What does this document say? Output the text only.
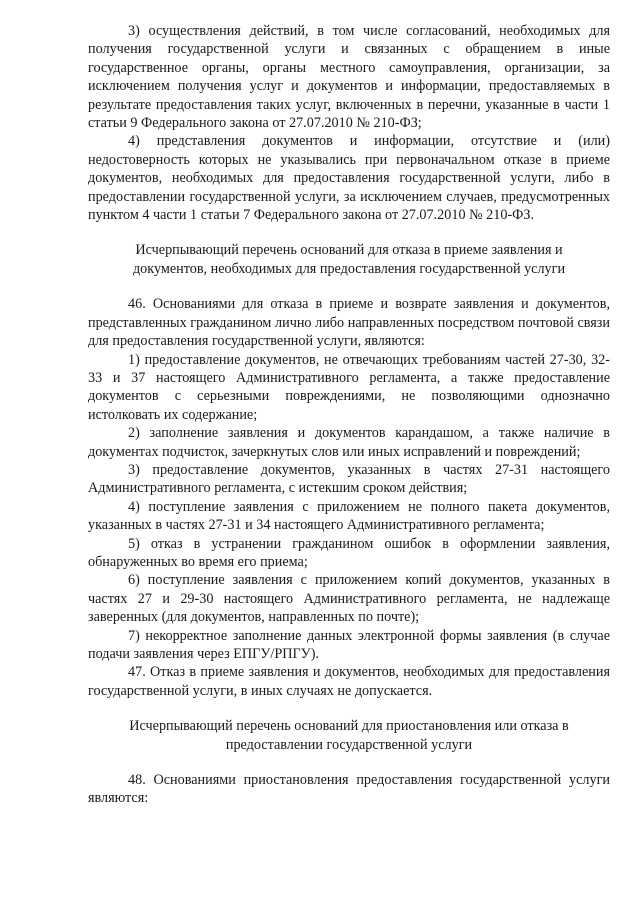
3) осуществления действий, в том числе согласований, необходимых для получения государственной услуги и связанных с обращением в иные государственное органы, органы местного самоуправления, организации, за исключением получения услуг и документов и информации, предоставляемых в результате предоставления таких услуг, включенных в перечни, указанные в части 1 статьи 9 Федерального закона от 27.07.2010 № 210-ФЗ;

4) представления документов и информации, отсутствие и (или) недостоверность которых не указывались при первоначальном отказе в приеме документов, необходимых для предоставления государственной услуги, либо в предоставлении государственной услуги, за исключением случаев, предусмотренных пунктом 4 части 1 статьи 7 Федерального закона от 27.07.2010 № 210-ФЗ.

Исчерпывающий перечень оснований для отказа в приеме заявления и документов, необходимых для предоставления государственной услуги

46. Основаниями для отказа в приеме и возврате заявления и документов, представленных гражданином лично либо направленных посредством почтовой связи для предоставления государственной услуги, являются:

1) предоставление документов, не отвечающих требованиям частей 27-30, 32-33 и 37 настоящего Административного регламента, а также предоставление документов с серьезными повреждениями, не позволяющими однозначно истолковать их содержание;

2) заполнение заявления и документов карандашом, а также наличие в документах подчисток, зачеркнутых слов или иных исправлений и повреждений;

3) предоставление документов, указанных в частях 27-31 настоящего Административного регламента, с истекшим сроком действия;

4) поступление заявления с приложением не полного пакета документов, указанных в частях 27-31 и 34 настоящего Административного регламента;

5) отказ в устранении гражданином ошибок в оформлении заявления, обнаруженных во время его приема;

6) поступление заявления с приложением копий документов, указанных в частях 27 и 29-30 настоящего Административного регламента, не надлежаще заверенных (для документов, направленных по почте);

7) некорректное заполнение данных электронной формы заявления (в случае подачи заявления через ЕПГУ/РПГУ).

47. Отказ в приеме заявления и документов, необходимых для предоставления государственной услуги, в иных случаях не допускается.

Исчерпывающий перечень оснований для приостановления или отказа в предоставлении государственной услуги

48. Основаниями приостановления предоставления государственной услуги являются:
